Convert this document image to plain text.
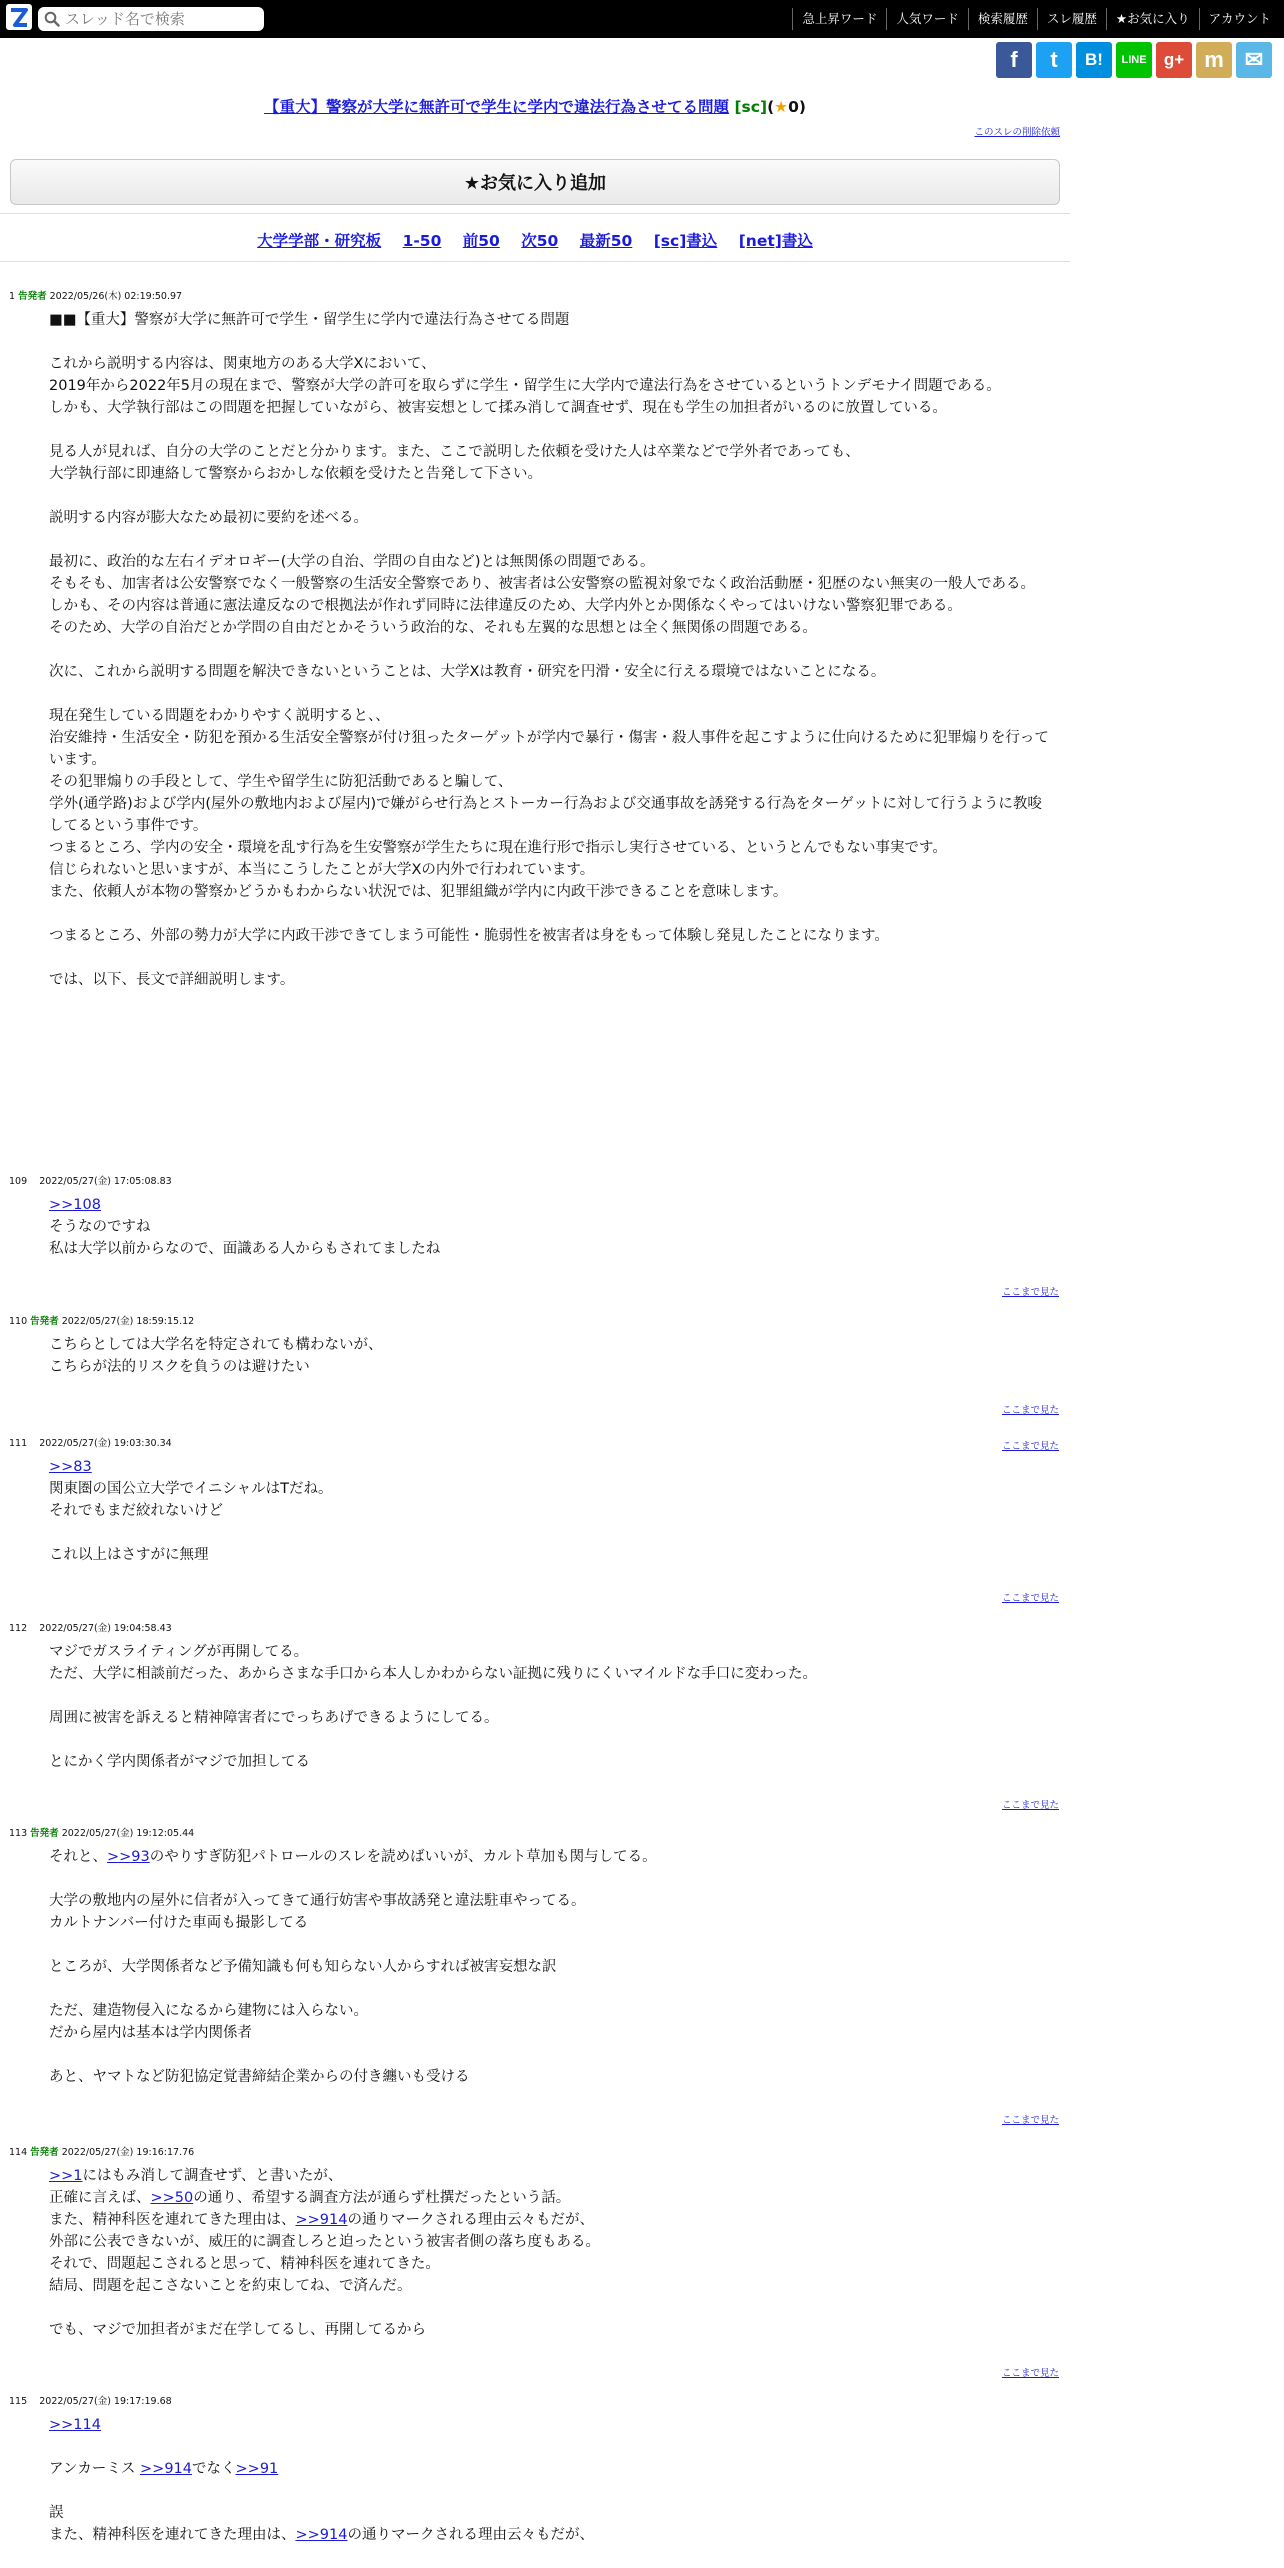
スレッド名で検索
急上昇ワード	人気ワード	検索履歴	スレ履歴	★お気に入り	アカウント
f	t	B!	LINE	g+ m ✉
【重大】警察が大学に無許可で学生に学内で違法行為させてる問題 [sc](★0)
このスレの削除依頼
★お気に入り追加
大学学部・研究板 1-50 前50 次50 最新50 [sc]書込 [net]書込
1 告発者 2022/05/26(木) 02:19:50.97
■■【重大】警察が大学に無許可で学生・留学生に学内で違法行為させてる問題
これから説明する内容は、関東地方のある大学Xにおいて、
2019年から2022年5月の現在まで、警察が大学の許可を取らずに学生・留学生に大学内で違法行為をさせているというトンデモナイ問題である。
しかも、大学執行部はこの問題を把握していながら、被害妄想として揉み消して調査せず、現在も学生の加担者がいるのに放置している。
見る人が見れば、自分の大学のことだと分かります。また、ここで説明した依頼を受けた人は卒業などで学外者であっても、
大学執行部に即連絡して警察からおかしな依頼を受けたと告発して下さい。
説明する内容が膨大なため最初に要約を述べる。
最初に、政治的な左右イデオロギー(大学の自治、学問の自由など)とは無関係の問題である。
そもそも、加害者は公安警察でなく一般警察の生活安全警察であり、被害者は公安警察の監視対象でなく政治活動歴・犯歴のない無実の一般人である。
しかも、その内容は普通に憲法違反なので根拠法が作れず同時に法律違反のため、大学内外とか関係なくやってはいけない警察犯罪である。
そのため、大学の自治だとか学問の自由だとかそういう政治的な、それも左翼的な思想とは全く無関係の問題である。
次に、これから説明する問題を解決できないということは、大学Xは教育・研究を円滑・安全に行える環境ではないことになる。
現在発生している問題をわかりやすく説明すると、、
治安維持・生活安全・防犯を預かる生活安全警察が付け狙ったターゲットが学内で暴行・傷害・殺人事件を起こすように仕向けるために犯罪煽りを行っています。
その犯罪煽りの手段として、学生や留学生に防犯活動であると騙して、
学外(通学路)および学内(屋外の敷地内および屋内)で嫌がらせ行為とストーカー行為および交通事故を誘発する行為をターゲットに対して行うように教唆してるという事件です。
つまるところ、学内の安全・環境を乱す行為を生安警察が学生たちに現在進行形で指示し実行させている、というとんでもない事実です。
信じられないと思いますが、本当にこうしたことが大学Xの内外で行われています。
また、依頼人が本物の警察かどうかもわからない状況では、犯罪組織が学内に内政干渉できることを意味します。
つまるところ、外部の勢力が大学に内政干渉できてしまう可能性・脆弱性を被害者は身をもって体験し発見したことになります。
では、以下、長文で詳細説明します。
ここまで見た
109 2022/05/27(金) 17:05:08.83
>>108
そうなのですね
私は大学以前からなので、面識ある人からもされてましたね
ここまで見た
110 告発者 2022/05/27(金) 18:59:15.12
こちらとしては大学名を特定されても構わないが、
こちらが法的リスクを負うのは避けたい
ここまで見た
111 2022/05/27(金) 19:03:30.34
>>83
関東圏の国公立大学でイニシャルはTだね。
それでもまだ絞れないけど
これ以上はさすがに無理
ここまで見た
112 2022/05/27(金) 19:04:58.43
マジでガスライティングが再開してる。
ただ、大学に相談前だった、あからさまな手口から本人しかわからない証拠に残りにくいマイルドな手口に変わった。
周囲に被害を訴えると精神障害者にでっちあげできるようにしてる。
とにかく学内関係者がマジで加担してる
ここまで見た
113 告発者 2022/05/27(金) 19:12:05.44
それと、>>93のやりすぎ防犯パトロールのスレを読めばいいが、カルト草加も関与してる。
大学の敷地内の屋外に信者が入ってきて通行妨害や事故誘発と違法駐車やってる。
カルトナンバー付けた車両も撮影してる
ところが、大学関係者など予備知識も何も知らない人からすれば被害妄想な訳
ただ、建造物侵入になるから建物には入らない。
だから屋内は基本は学内関係者
あと、ヤマトなど防犯協定覚書締結企業からの付き纏いも受ける
ここまで見た
114 告発者 2022/05/27(金) 19:16:17.76
>>1にはもみ消して調査せず、と書いたが、
正確に言えば、>>50の通り、希望する調査方法が通らず杜撰だったという話。
また、精神科医を連れてきた理由は、>>914の通りマークされる理由云々もだが、
外部に公表できないが、威圧的に調査しろと迫ったという被害者側の落ち度もある。
それで、問題起こされると思って、精神科医を連れてきた。
結局、問題を起こさないことを約束してね、で済んだ。
でも、マジで加担者がまだ在学してるし、再開してるから
ここまで見た
115 2022/05/27(金) 19:17:19.68
>>114
アンカーミス >>914でなく>>91
誤
また、精神科医を連れてきた理由は、>>914の通りマークされる理由云々もだが、
